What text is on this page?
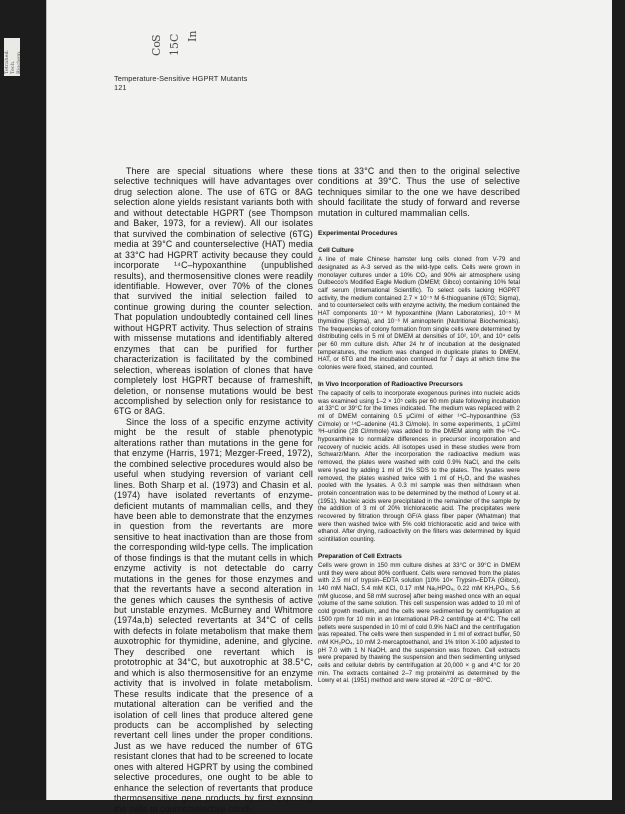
Tetrahed. Tech. Biochem.
S C In
Co 15
Temperature-Sensitive HGPRT Mutants
121

There are special situations where these selective techniques will have advantages over drug selection alone. The use of 6TG or 8AG selection alone yields resistant variants both with and without detectable HGPRT (see Thompson and Baker, 1973, for a review). All our isolates that survived the combination of selective (6TG) media at 39°C and counterselective (HAT) media at 33°C had HGPRT activity because they could incorporate ¹⁴C–hypoxanthine (unpublished results), and thermosensitive clones were readily identifiable. However, over 70% of the clones that survived the initial selection failed to continue growing during the counter selection. That population undoubtedly contained cell lines without HGPRT activity. Thus selection of strains with missense mutations and identifiably altered enzymes that can be purified for further characterization is facilitated by the combined selection, whereas isolation of clones that have completely lost HGPRT because of frameshift, deletion, or nonsense mutations would be best accomplished by selection only for resistance to 6TG or 8AG.

Since the loss of a specific enzyme activity might be the result of stable phenotypic alterations rather than mutations in the gene for that enzyme (Harris, 1971; Mezger-Freed, 1972), the combined selective procedures would also be useful when studying reversion of variant cell lines. Both Sharp et al. (1973) and Chasin et al. (1974) have isolated revertants of enzyme-deficient mutants of mammalian cells, and they have been able to demonstrate that the enzymes in question from the revertants are more sensitive to heat inactivation than are those from the corresponding wild-type cells. The implication of those findings is that the mutant cells in which enzyme activity is not detectable do carry mutations in the genes for those enzymes and that the revertants have a second alteration in the genes which causes the synthesis of active but unstable enzymes. McBurney and Whitmore (1974a,b) selected revertants at 34°C of cells with defects in folate metabolism that make them auxotrophic for thymidine, adenine, and glycine. They described one revertant which is prototrophic at 34°C, but auxotrophic at 38.5°C, and which is also thermosensitive for an enzyme activity that is involved in folate metabolism. These results indicate that the presence of a mutational alteration can be verified and the isolation of cell lines that produce altered gene products can be accomplished by selecting revertant cell lines under the proper conditions. Just as we have reduced the number of 6TG resistant clones that had to be screened to locate ones with altered HGPRT by using the combined selective procedures, one ought to be able to enhance the selection of revertants that produce thermosensitive gene products by first exposing the cells to counterselective condi-

tions at 33°C and then to the original selective conditions at 39°C. Thus the use of selective techniques similar to the one we have described should facilitate the study of forward and reverse mutation in cultured mammalian cells.

Experimental Procedures
Cell Culture

A line of male Chinese hamster lung cells cloned from V-79 and designated as A-3 served as the wild-type cells. Cells were grown in monolayer cultures under a 10% CO₂ and 90% air atmosphere using Dulbecco's Modified Eagle Medium (DMEM; Gibco) containing 10% fetal calf serum (International Scientific). To select cells lacking HGPRT activity, the medium contained 2.7 × 10⁻⁵ M 6-thioguanine (6TG; Sigma), and to counterselect cells with enzyme activity, the medium contained the HAT components 10⁻⁴ M hypoxanthine (Mann Laboratories), 10⁻⁵ M thymidine (Sigma), and 10⁻⁶ M aminopterin (Nutritional Biochemicals). The frequencies of colony formation from single cells were determined by distributing cells in 5 ml of DMEM at densities of 10², 10³, and 10⁴ cells per 60 mm culture dish. After 24 hr of incubation at the designated temperatures, the medium was changed in duplicate plates to DMEM, HAT, or 6TG and the incubation continued for 7 days at which time the colonies were fixed, stained, and counted.

In Vivo Incorporation of Radioactive Precursors

The capacity of cells to incorporate exogenous purines into nucleic acids was examined using 1–2 × 10⁵ cells per 60 mm plate following incubation at 33°C or 39°C for the times indicated. The medium was replaced with 2 ml of DMEM containing 0.5 μCi/ml of either ¹⁴C–hypoxanthine (53 Ci/mole) or ¹⁴C–adenine (41.3 Ci/mole). In some experiments, 1 μCi/ml ³H–uridine (28 Ci/mmole) was added to the DMEM along with the ¹⁴C–hypoxanthine to normalize differences in precursor incorporation and recovery of nucleic acids. All isotopes used in these studies were from Schwarz/Mann. After the incorporation the radioactive medium was removed, the plates were washed with cold 0.9% NaCl, and the cells were lysed by adding 1 ml of 1% SDS to the plates. The lysates were removed, the plates washed twice with 1 ml of H₂O, and the washes pooled with the lysates. A 0.3 ml sample was then withdrawn when protein concentration was to be determined by the method of Lowry et al. (1951). Nucleic acids were precipitated in the remainder of the sample by the addition of 3 ml of 20% trichloracetic acid. The precipitates were recovered by filtration through GF/A glass fiber paper (Whatman) that were then washed twice with 5% cold trichloracetic acid and twice with ethanol. After drying, radioactivity on the filters was determined by liquid scintillation counting.

Preparation of Cell Extracts

Cells were grown in 150 mm culture dishes at 33°C or 39°C in DMEM until they were about 80% confluent. Cells were removed from the plates with 2.5 ml of trypsin–EDTA solution [10% 10× Trypsin–EDTA (Gibco), 140 mM NaCl, 5.4 mM KCl, 0.17 mM Na₂HPO₄, 0.22 mM KH₂PO₄, 5.6 mM glucose, and 58 mM sucrose] after being washed once with an equal volume of the same solution. This cell suspension was added to 10 ml of cold growth medium, and the cells were sedimented by centrifugation at 1500 rpm for 10 min in an International PR-2 centrifuge at 4°C. The cell pellets were suspended in 10 ml of cold 0.9% NaCl and the centrifugation was repeated. The cells were then suspended in 1 ml of extract buffer, 50 mM KH₂PO₄, 10 mM 2-mercaptoethanol, and 1% triton X-100 adjusted to pH 7.0 with 1 N NaOH, and the suspension was frozen. Cell extracts were prepared by thawing the suspension and then sedimenting unlysed cells and cellular debris by centrifugation at 20,000 × g and 4°C for 20 min. The extracts contained 2–7 mg protein/ml as determined by the Lowry et al. (1951) method and were stored at −20°C or −80°C.
